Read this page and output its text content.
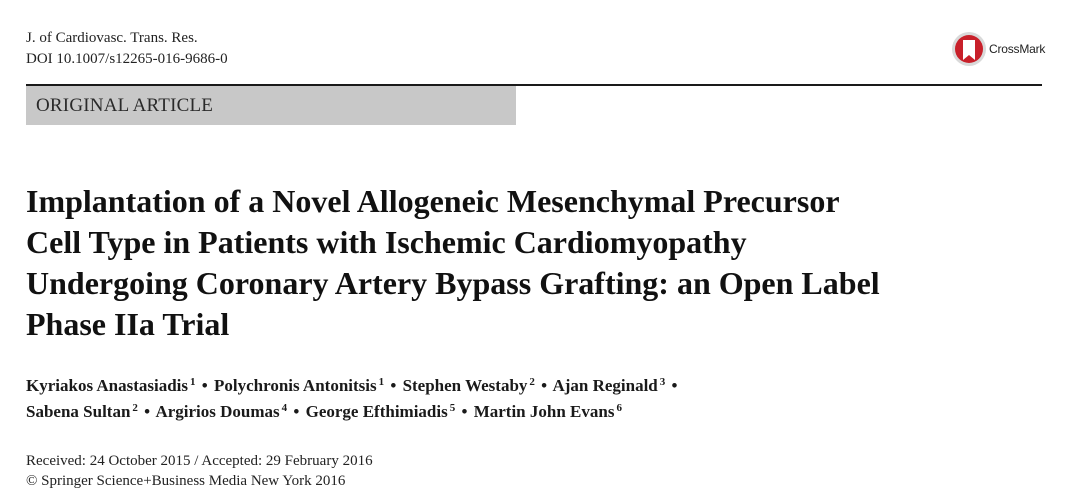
J. of Cardiovasc. Trans. Res.
DOI 10.1007/s12265-016-9686-0
CrossMark
ORIGINAL ARTICLE
Implantation of a Novel Allogeneic Mesenchymal Precursor
Cell Type in Patients with Ischemic Cardiomyopathy
Undergoing Coronary Artery Bypass Grafting: an Open Label
Phase IIa Trial
Kyriakos Anastasiadis $^1$ • Polychronis Antonitsis $^1$ • Stephen Westaby $^2$ • Ajan Reginald $^3$ •
Sabena Sultan $^2$ • Argirios Doumas $^4$ • George Efthimiadis $^5$ • Martin John Evans $^6$
Received: 24 October 2015 / Accepted: 29 February 2016
© Springer Science+Business Media New York 2016
